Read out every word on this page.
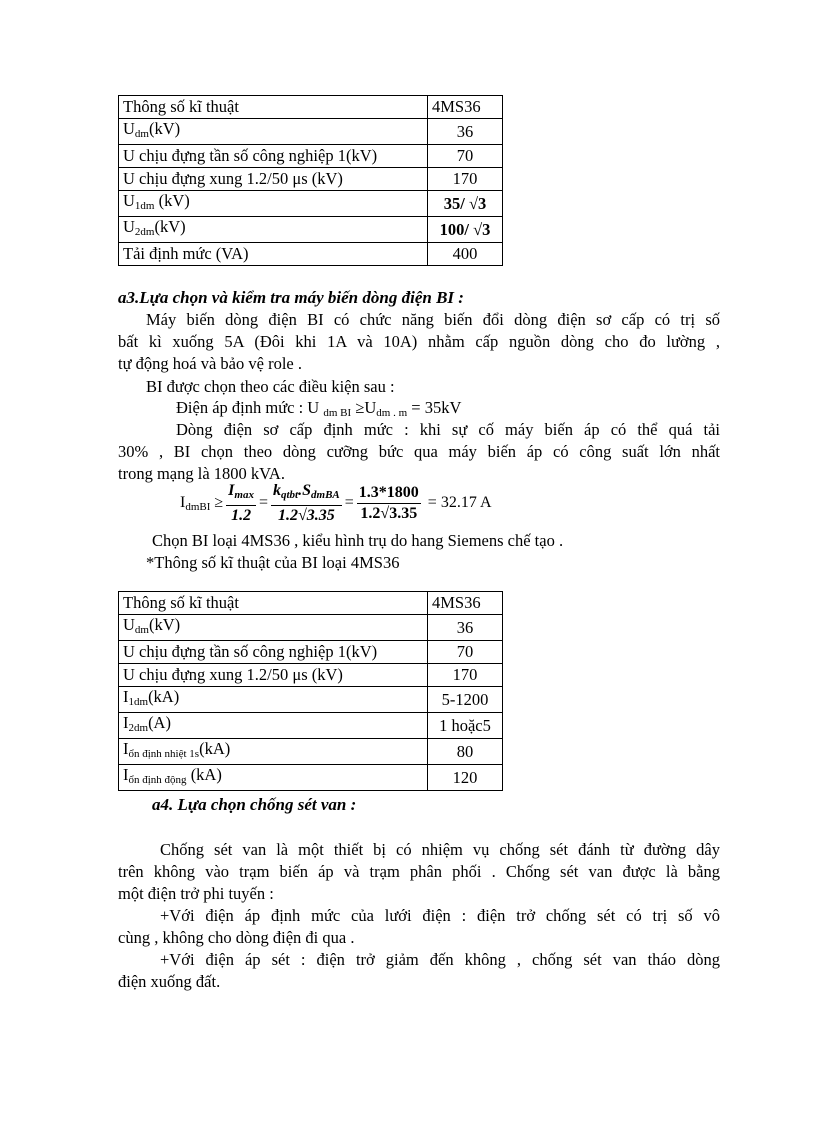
Thông số kĩ thuật	4MS36
$U_{dm}(kV)$	36
U chịu đựng tần số công nghiệp 1(kV)	70
U chịu đựng xung 1.2/50 μs (kV)	170
$U_{1dm}$ (kV)	35/ √3
$U_{2dm}(kV)$	100/ √3
Tải định mức (VA)	400
a3.Lựa chọn và kiểm tra máy biến dòng điện BI :
Máy biến dòng điện BI có chức năng biến đổi dòng điện sơ cấp có trị số
bất kì xuống 5A (Đôi khi 1A và 10A) nhằm cấp nguồn dòng cho đo lường ,
tự động hoá và bảo vệ role .
BI được chọn theo các điều kiện sau :
Điện áp định mức : U $_{dm BI} \ge U_{dm . m} = 35kV$
Dòng điện sơ cấp định mức : khi sự cố máy biến áp có thể quá tải
30% , BI chọn theo dòng cưỡng bức qua máy biến áp có công suất lớn nhất
trong mạng là 1800 kVA.
$I_{dmBI} \ge \frac{I_{max}}{1.2} = \frac{k_{qtbt}.S_{dmBA}}{1.2√3.35} = \frac{1.3*1800}{1.2√3.35} = 32.17$ A
Chọn BI loại 4MS36 , kiểu hình trụ do hang Siemens chế tạo .
*Thông số kĩ thuật của BI loại 4MS36
Thông số kĩ thuật	4MS36
$U_{dm}(kV)$	36
U chịu đựng tần số công nghiệp 1(kV)	70
U chịu đựng xung 1.2/50 μs (kV)	170
$I_{1dm}(kA)$	5-1200
$I_{2dm}(A)$	1 hoặc5
$I_{ổn định nhiệt 1s}(kA)$	80
$I_{ổn định động}$ (kA)	120
a4. Lựa chọn chống sét van :
Chống sét van là một thiết bị có nhiệm vụ chống sét đánh từ đường dây
trên không vào trạm biến áp và trạm phân phối . Chống sét van được là bằng
một điện trở phi tuyến :
+Với điện áp định mức của lưới điện : điện trở chống sét có trị số vô
cùng , không cho dòng điện đi qua .
+Với điện áp sét : điện trở giảm đến không , chống sét van tháo dòng
điện xuống đất.
